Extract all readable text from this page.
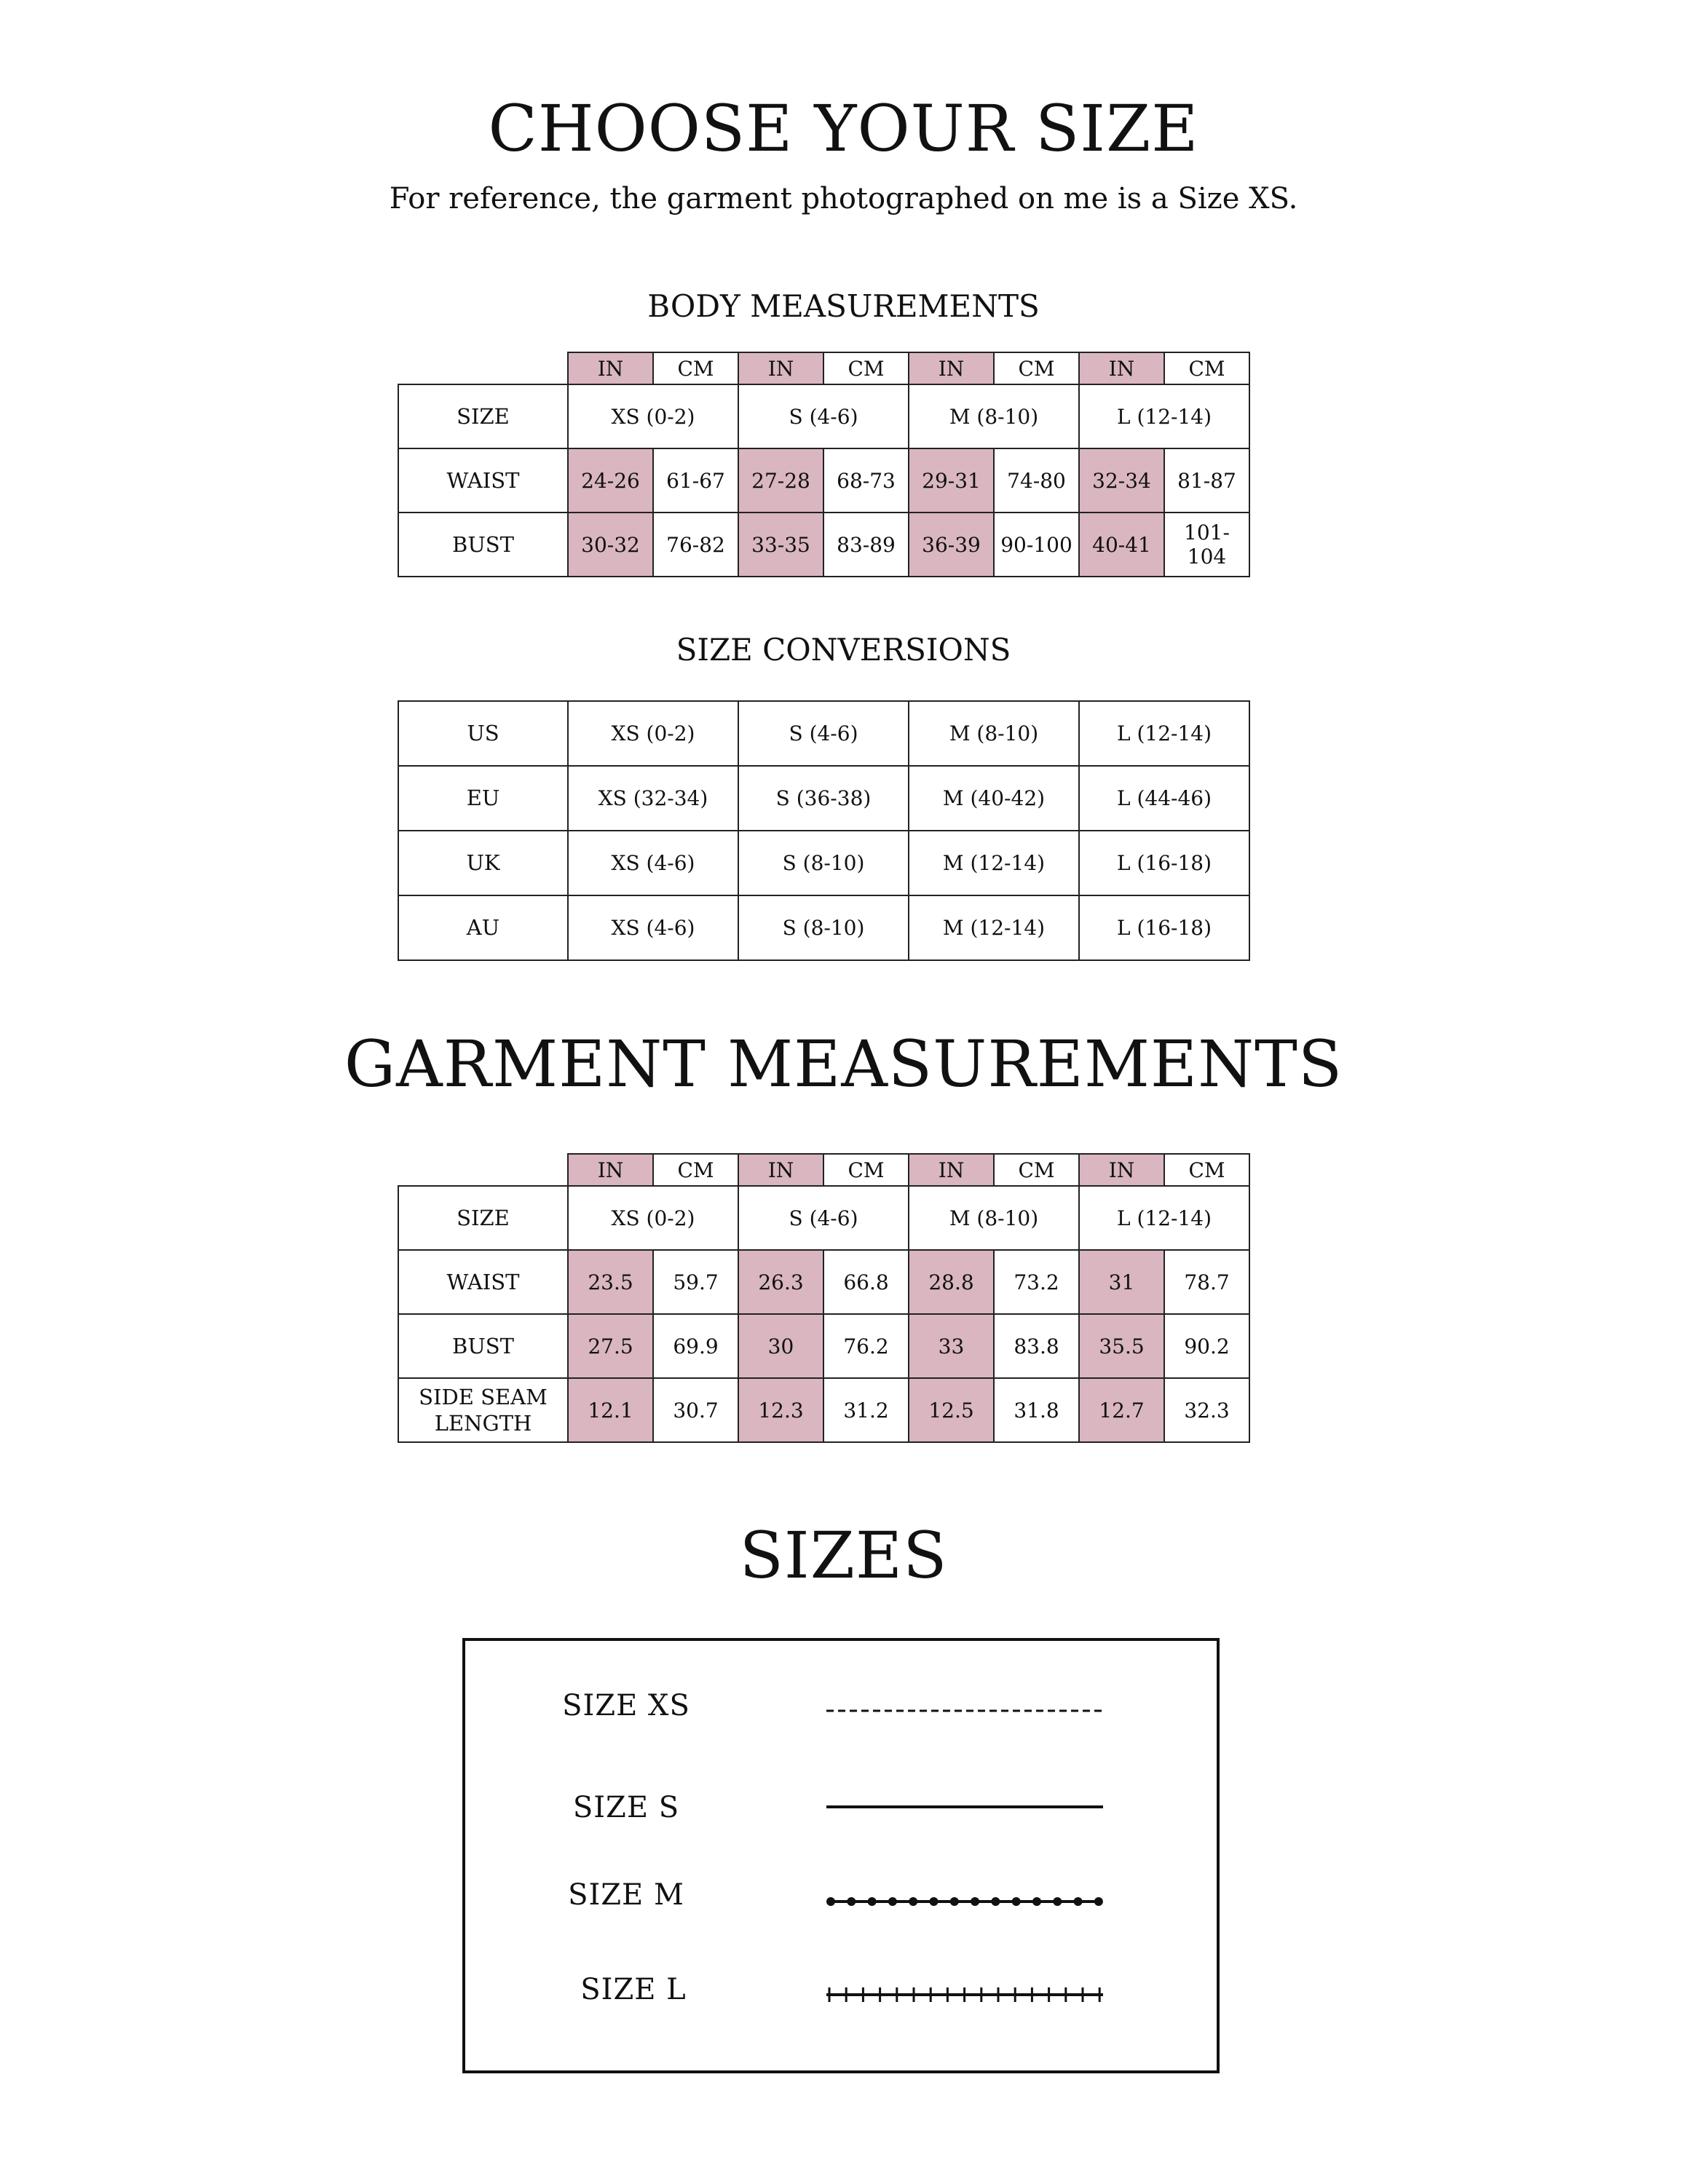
CHOOSE YOUR SIZE
For reference, the garment photographed on me is a Size XS.
BODY MEASUREMENTS
	IN	CM	IN	CM	IN	CM	IN	CM
SIZE	XS (0-2)		S (4-6)		M (8-10)		L (12-14)	
WAIST	24-26	61-67	27-28	68-73	29-31	74-80	32-34	81-87
BUST	30-32	76-82	33-35	83-89	36-39	90-100	40-41	101-104
SIZE CONVERSIONS
US	XS (0-2)	S (4-6)	M (8-10)	L (12-14)
EU	XS (32-34)	S (36-38)	M (40-42)	L (44-46)
UK	XS (4-6)	S (8-10)	M (12-14)	L (16-18)
AU	XS (4-6)	S (8-10)	M (12-14)	L (16-18)
GARMENT MEASUREMENTS
	IN	CM	IN	CM	IN	CM	IN	CM
SIZE	XS (0-2)		S (4-6)		M (8-10)		L (12-14)	
WAIST	23.5	59.7	26.3	66.8	28.8	73.2	31	78.7
BUST	27.5	69.9	30	76.2	33	83.8	35.5	90.2
SIDE SEAM LENGTH	12.1	30.7	12.3	31.2	12.5	31.8	12.7	32.3
SIZES
SIZE XS
SIZE S
SIZE M
SIZE L
